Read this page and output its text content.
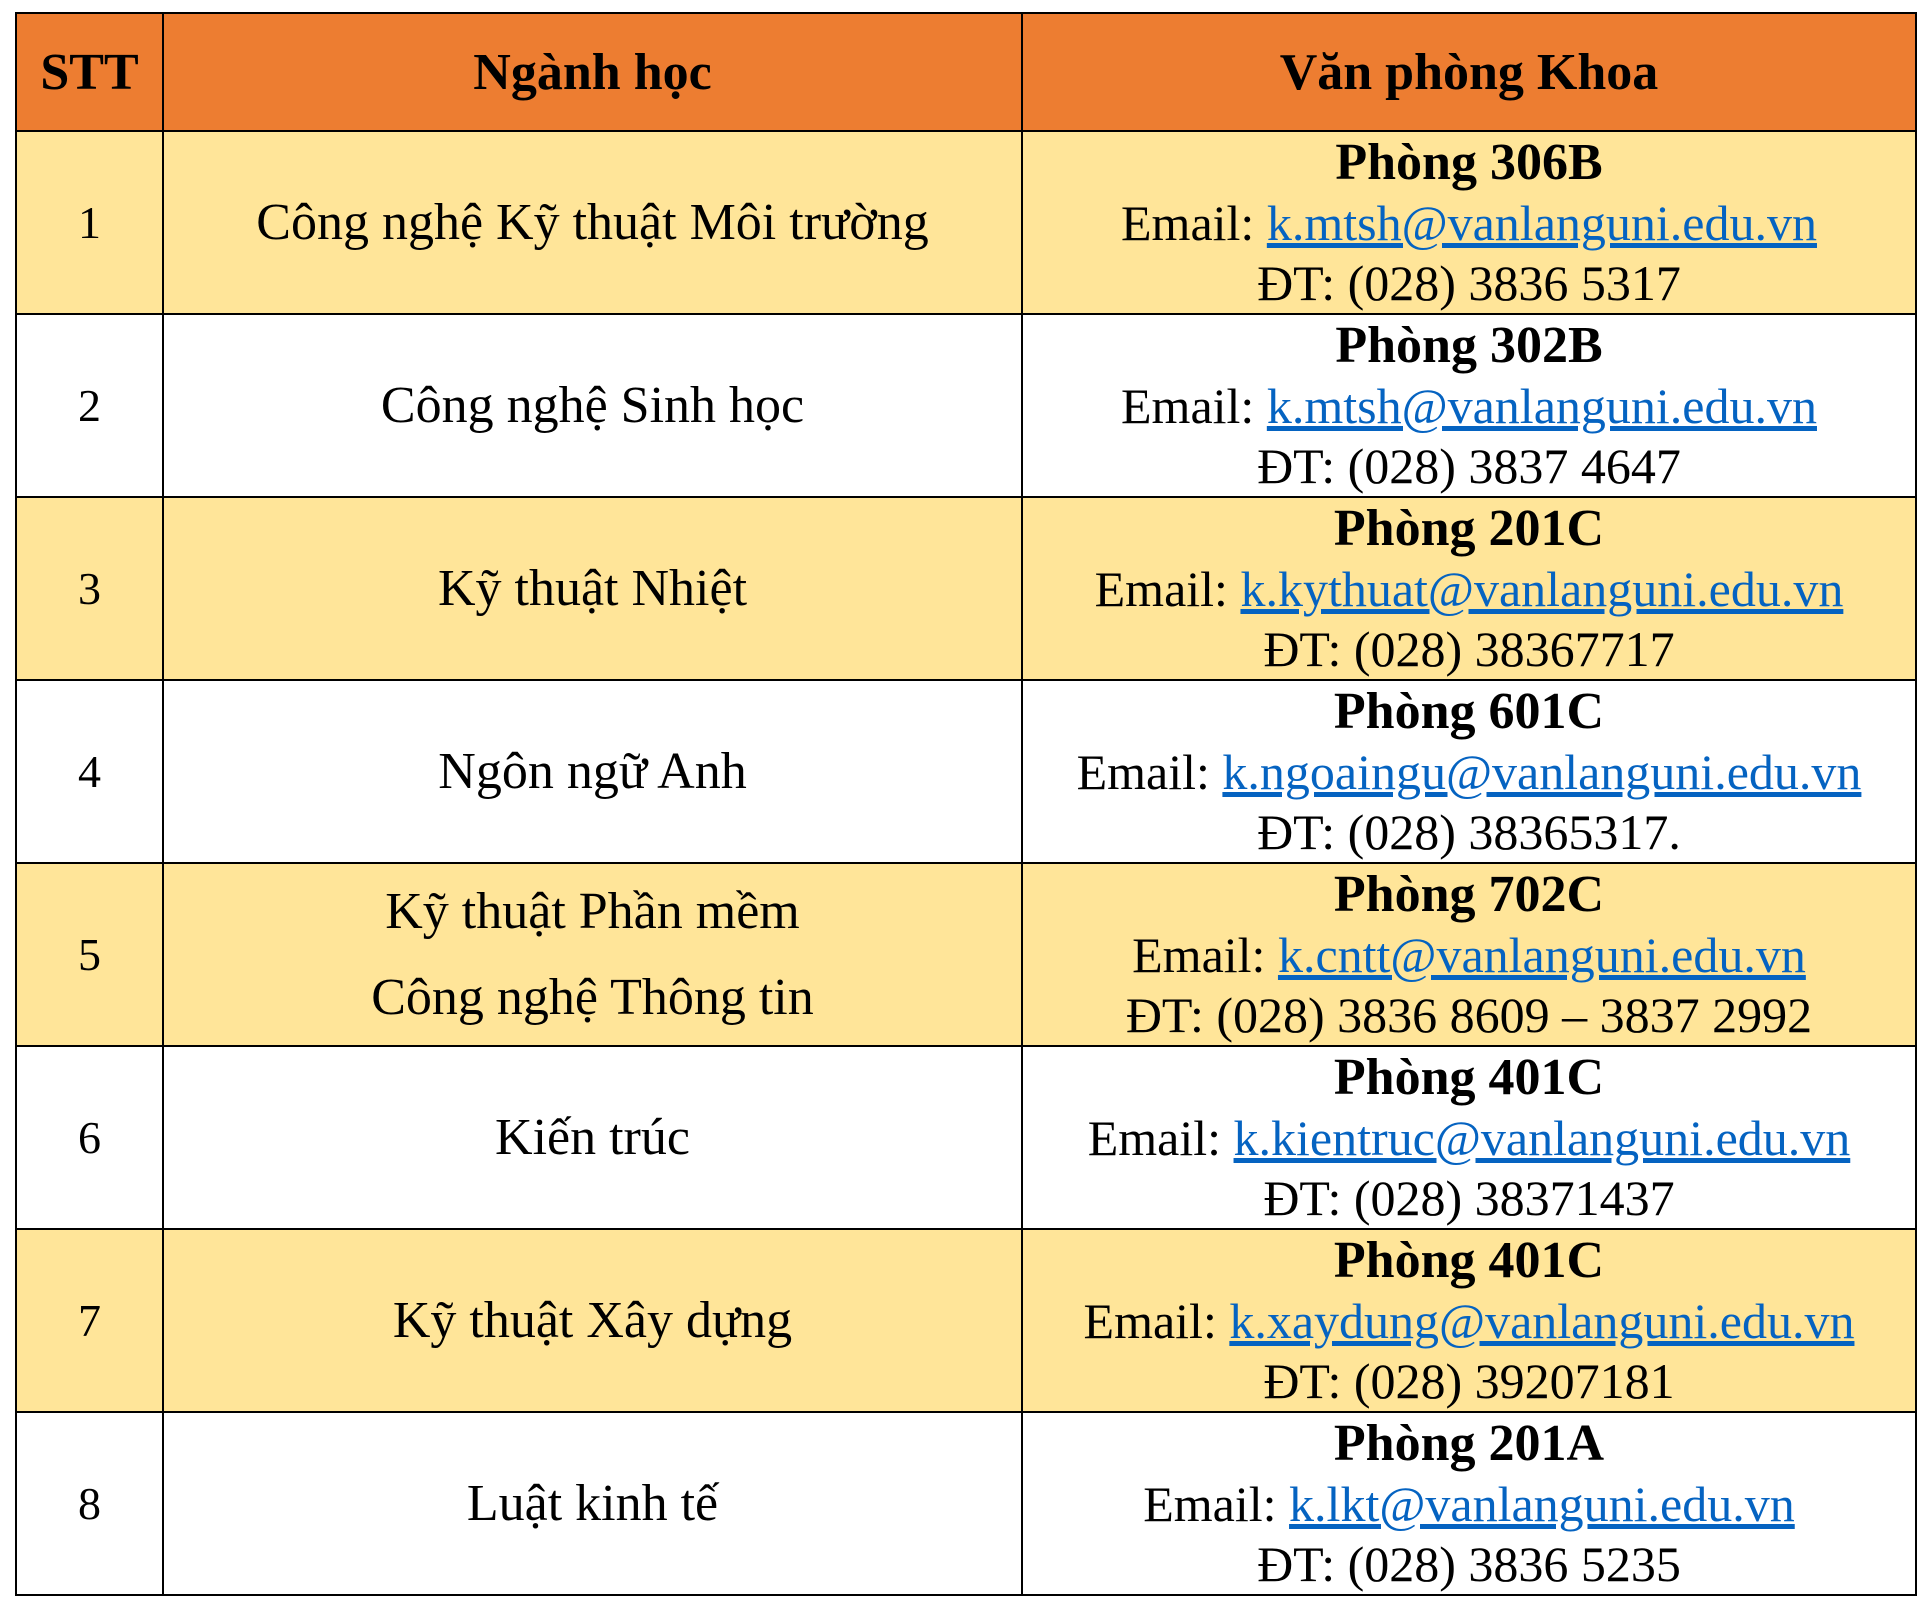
STT	Ngành học	Văn phòng Khoa
1	Công nghệ Kỹ thuật Môi trường	Phòng 306B
Email: k.mtsh@vanlanguni.edu.vn
ĐT: (028) 3836 5317

2	Công nghệ Sinh học	Phòng 302B
Email: k.mtsh@vanlanguni.edu.vn
ĐT: (028) 3837 4647

3	Kỹ thuật Nhiệt	Phòng 201C
Email: k.kythuat@vanlanguni.edu.vn
ĐT: (028) 38367717

4	Ngôn ngữ Anh	Phòng 601C
Email: k.ngoaingu@vanlanguni.edu.vn
ĐT: (028) 38365317.

5	Kỹ thuật Phần mềm
Công nghệ Thông tin	Phòng 702C
Email: k.cntt@vanlanguni.edu.vn
ĐT: (028) 3836 8609 – 3837 2992

6	Kiến trúc	Phòng 401C
Email: k.kientruc@vanlanguni.edu.vn
ĐT: (028) 38371437

7	Kỹ thuật Xây dựng	Phòng 401C
Email: k.xaydung@vanlanguni.edu.vn
ĐT: (028) 39207181

8	Luật kinh tế	Phòng 201A
Email: k.lkt@vanlanguni.edu.vn
ĐT: (028) 3836 5235
